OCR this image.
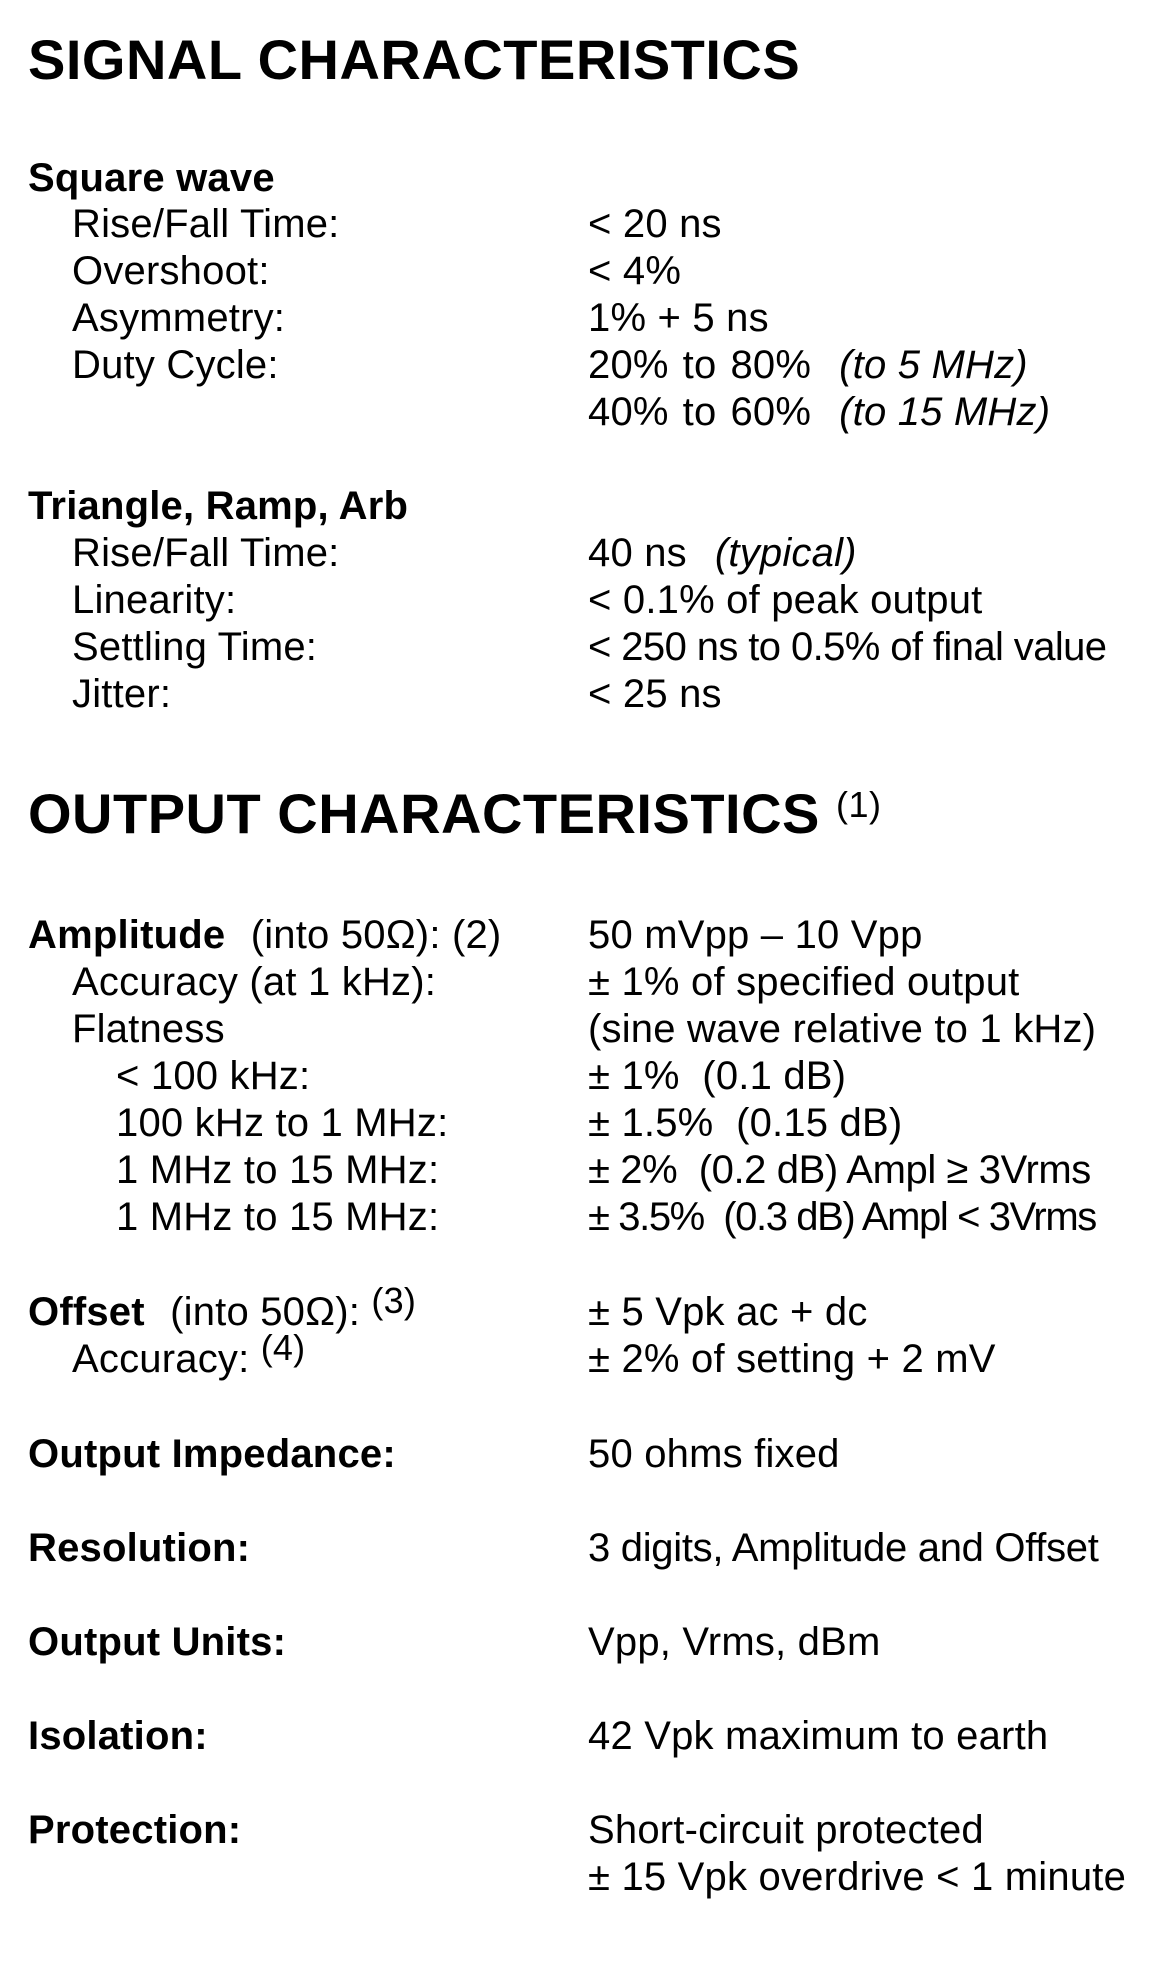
SIGNAL CHARACTERISTICS
Square wave
Rise/Fall Time:	< 20 ns
Overshoot:	< 4%
Asymmetry:	1% + 5 ns
Duty Cycle:	20% to 80% (to 5 MHz)
40% to 60% (to 15 MHz)
Triangle, Ramp, Arb
Rise/Fall Time:	40 ns (typical)
Linearity:	< 0.1% of peak output
Settling Time:	< 250 ns to 0.5% of final value
Jitter:	< 25 ns
OUTPUT CHARACTERISTICS $^{(1)}$
Amplitude (into 50Ω): (2) 50 mVpp – 10 Vpp
Accuracy (at 1 kHz):	± 1% of specified output
Flatness	(sine wave relative to 1 kHz)
< 100 kHz:	± 1%  (0.1 dB)
100 kHz to 1 MHz:	± 1.5%  (0.15 dB)
1 MHz to 15 MHz:	± 2%  (0.2 dB) Ampl ≥ 3Vrms
1 MHz to 15 MHz:	± 3.5%  (0.3 dB) Ampl < 3Vrms
Offset (into 50Ω): (3)	± 5 Vpk ac + dc
Accuracy: (4)	± 2% of setting + 2 mV
Output Impedance:	50 ohms fixed
Resolution:	3 digits, Amplitude and Offset
Output Units:	Vpp, Vrms, dBm
Isolation:	42 Vpk maximum to earth
Protection:	Short-circuit protected
± 15 Vpk overdrive < 1 minute
